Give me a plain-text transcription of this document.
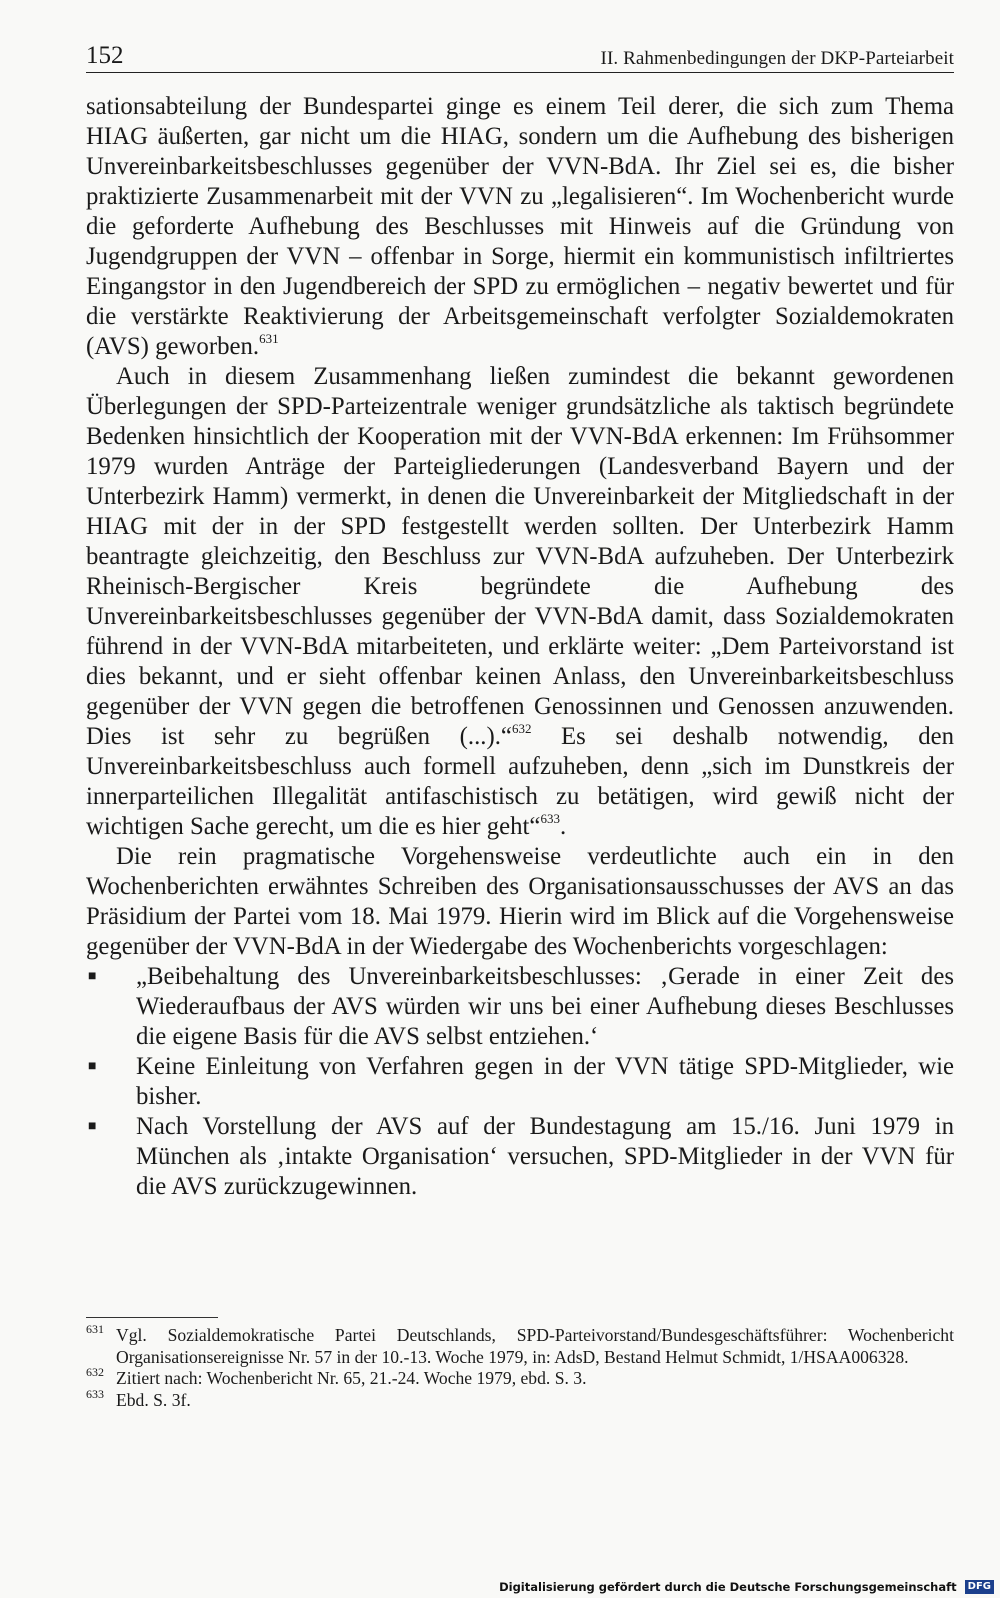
152	II. Rahmenbedingungen der DKP-Parteiarbeit

sationsabteilung der Bundespartei ginge es einem Teil derer, die sich zum Thema HIAG äußerten, gar nicht um die HIAG, sondern um die Aufhebung des bisherigen Unvereinbarkeitsbeschlusses gegenüber der VVN-BdA. Ihr Ziel sei es, die bisher praktizierte Zusammenarbeit mit der VVN zu „legalisieren“. Im Wochenbericht wurde die geforderte Aufhebung des Beschlusses mit Hinweis auf die Gründung von Jugendgruppen der VVN – offenbar in Sorge, hiermit ein kommunistisch infiltriertes Eingangstor in den Jugendbereich der SPD zu ermöglichen – negativ bewertet und für die verstärkte Reaktivierung der Arbeitsgemeinschaft verfolgter Sozialdemokraten (AVS) geworben.$^{631}$

Auch in diesem Zusammenhang ließen zumindest die bekannt gewordenen Überlegungen der SPD-Parteizentrale weniger grundsätzliche als taktisch begründete Bedenken hinsichtlich der Kooperation mit der VVN-BdA erkennen: Im Frühsommer 1979 wurden Anträge der Parteigliederungen (Landesverband Bayern und der Unterbezirk Hamm) vermerkt, in denen die Unvereinbarkeit der Mitgliedschaft in der HIAG mit der in der SPD festgestellt werden sollten. Der Unterbezirk Hamm beantragte gleichzeitig, den Beschluss zur VVN-BdA aufzuheben. Der Unterbezirk Rheinisch-Bergischer Kreis begründete die Aufhebung des Unvereinbarkeitsbeschlusses gegenüber der VVN-BdA damit, dass Sozialdemokraten führend in der VVN-BdA mitarbeiteten, und erklärte weiter: „Dem Parteivorstand ist dies bekannt, und er sieht offenbar keinen Anlass, den Unvereinbarkeitsbeschluss gegenüber der VVN gegen die betroffenen Genossinnen und Genossen anzuwenden. Dies ist sehr zu begrüßen (...).“$^{632}$ Es sei deshalb notwendig, den Unvereinbarkeitsbeschluss auch formell aufzuheben, denn „sich im Dunstkreis der innerparteilichen Illegalität antifaschistisch zu betätigen, wird gewiß nicht der wichtigen Sache gerecht, um die es hier geht“$^{633}$.

Die rein pragmatische Vorgehensweise verdeutlichte auch ein in den Wochenberichten erwähntes Schreiben des Organisationsausschusses der AVS an das Präsidium der Partei vom 18. Mai 1979. Hierin wird im Blick auf die Vorgehensweise gegenüber der VVN-BdA in der Wiedergabe des Wochenberichts vorgeschlagen:

■ „Beibehaltung des Unvereinbarkeitsbeschlusses: ‚Gerade in einer Zeit des Wiederaufbaus der AVS würden wir uns bei einer Aufhebung dieses Beschlusses die eigene Basis für die AVS selbst entziehen.‘
■ Keine Einleitung von Verfahren gegen in der VVN tätige SPD-Mitglieder, wie bisher.
■ Nach Vorstellung der AVS auf der Bundestagung am 15./16. Juni 1979 in München als ‚intakte Organisation‘ versuchen, SPD-Mitglieder in der VVN für die AVS zurückzugewinnen.
631 Vgl. Sozialdemokratische Partei Deutschlands, SPD-Parteivorstand/Bundesgeschäftsführer: Wochenbericht Organisationsereignisse Nr. 57 in der 10.-13. Woche 1979, in: AdsD, Bestand Helmut Schmidt, 1/HSAA006328.
632 Zitiert nach: Wochenbericht Nr. 65, 21.-24. Woche 1979, ebd. S. 3.
633 Ebd. S. 3f.
Digitalisierung gefördert durch die Deutsche Forschungsgemeinschaft DFG
